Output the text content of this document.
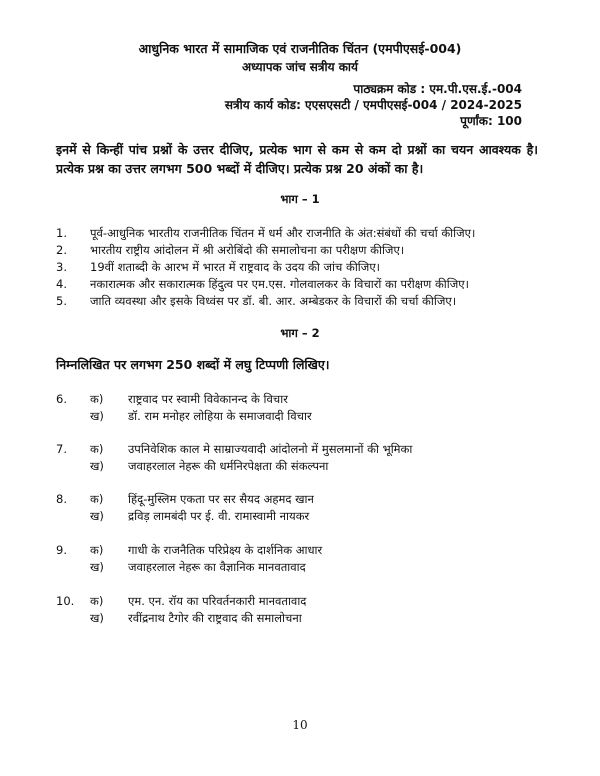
आधुनिक भारत में सामाजिक एवं राजनीतिक चिंतन (एमपीएसई-004)
अध्यापक जांच सत्रीय कार्य
पाठ्यक्रम कोड : एम.पी.एस.ई.-004
सत्रीय कार्य कोड: एएसएसटी / एमपीएसई-004 / 2024-2025
पूर्णांक: 100
इनमें से किन्हीं पांच प्रश्नों के उत्तर दीजिए, प्रत्येक भाग से कम से कम दो प्रश्नों का चयन आवश्यक है। प्रत्येक प्रश्न का उत्तर लगभग 500 भब्दों में दीजिए। प्रत्येक प्रश्न 20 अंकों का है।
भाग – 1
1. पूर्व-आधुनिक भारतीय राजनीतिक चिंतन में धर्म और राजनीति के अंत:संबंधों की चर्चा कीजिए।
2. भारतीय राष्ट्रीय आंदोलन में श्री अरोबिंदो की समालोचना का परीक्षण कीजिए।
3. 19वीं शताब्दी के आरभ में भारत में राष्ट्रवाद के उदय की जांच कीजिए।
4. नकारात्मक और सकारात्मक हिंदुत्व पर एम.एस. गोलवालकर के विचारों का परीक्षण कीजिए।
5. जाति व्यवस्था और इसके विध्वंस पर डॉ. बी. आर. अम्बेडकर के विचारों की चर्चा कीजिए।
भाग – 2
निम्नलिखित पर लगभग 250 शब्दों में लघु टिप्पणी लिखिए।
6.	क)	राष्ट्रवाद पर स्वामी विवेकानन्द के विचार
ख)	डॉ. राम मनोहर लोहिया के समाजवादी विचार
7.	क)	उपनिवेशिक काल मे साम्राज्यवादी आंदोलनो में मुसलमानों की भूमिका
ख)	जवाहरलाल नेहरू की धर्मनिरपेक्षता की संकल्पना
8.	क)	हिंदू-मुस्लिम एकता पर सर सैयद अहमद खान
ख)	द्रविड़ लामबंदी पर ई. वी. रामास्वामी नायकर
9.	क)	गाधी के राजनैतिक परिप्रेक्ष्य के दार्शनिक आधार
ख)	जवाहरलाल नेहरू का वैज्ञानिक मानवतावाद
10.	क)	एम. एन. रॉय का परिवर्तनकारी मानवतावाद
ख)	रवींद्रनाथ टैगोर की राष्ट्रवाद की समालोचना
10
